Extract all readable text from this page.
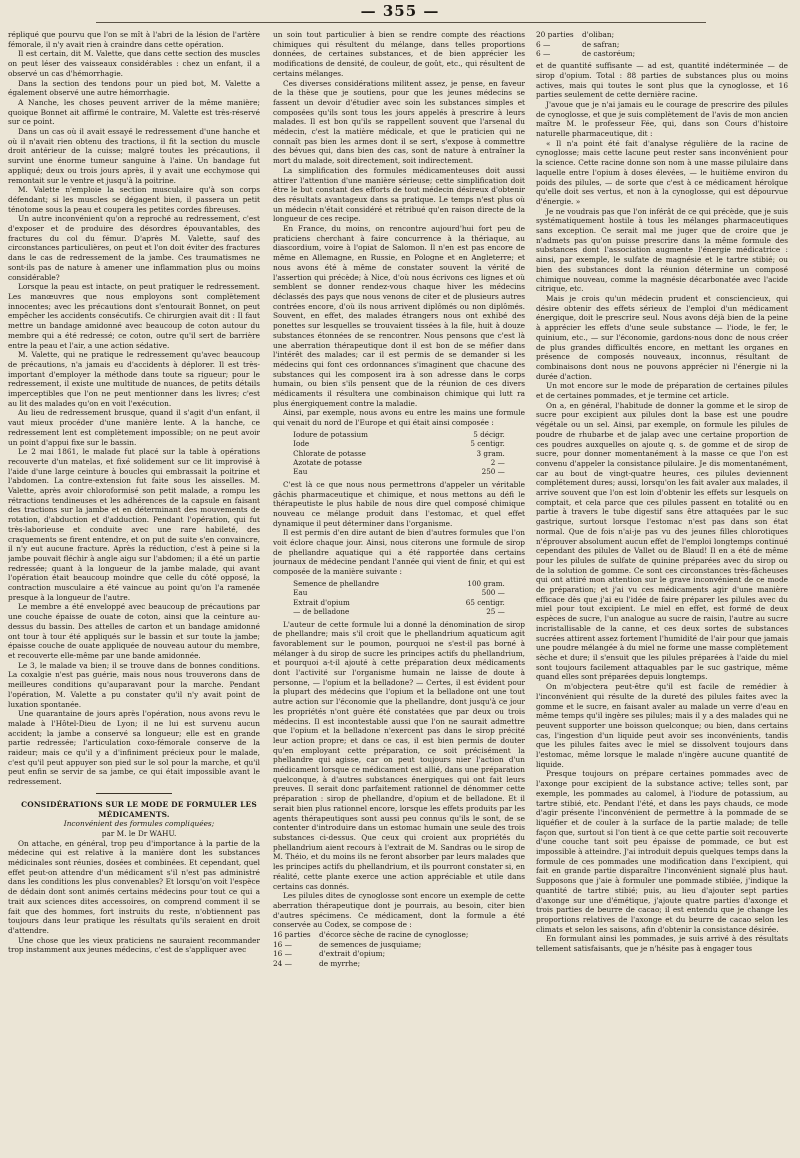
— 355 —

répliqué que pourvu que l'on se mît à l'abri de la lésion de l'artère fémorale, il n'y avait rien à craindre dans cette opération.

Il est certain, dit M. Valette, que dans cette section des muscles on peut léser des vaisseaux considérables : chez un enfant, il a observé un cas d'hémorrhagie.

Dans la section des tendons pour un pied bot, M. Valette a également observé une autre hémorrhagie.

A Nanche, les choses peuvent arriver de la même manière; quoique Bonnet ait affirmé le contraire, M. Valette est très-réservé sur ce point.

Dans un cas où il avait essayé le redressement d'une hanche et où il n'avait rien obtenu des tractions, il fit la section du muscle droit antérieur de la cuisse; malgré toutes les précautions, il survint une énorme tumeur sanguine à l'aine. Un bandage fut appliqué; deux ou trois jours après, il y avait une ecchymose qui remontait sur le ventre et jusqu'à la poitrine.

M. Valette n'emploie la section musculaire qu'à son corps défendant; si les muscles se dégagent bien, il passera un petit ténotome sous la peau et coupera les petites cordes fibreuses.

Un autre inconvénient qu'on a reproché au redressement, c'est d'exposer et de produire des désordres épouvantables, des fractures du col du fémur. D'après M. Valette, sauf des circonstances particulières, on peut et l'on doit éviter des fractures dans le cas de redressement de la jambe. Ces traumatismes ne sont-ils pas de nature à amener une inflammation plus ou moins considérable?

Lorsque la peau est intacte, on peut pratiquer le redressement. Les manœuvres que nous employons sont complètement innocentes; avec les précautions dont s'entourait Bonnet, on peut empêcher les accidents consécutifs. Ce chirurgien avait dit : Il faut mettre un bandage amidonné avec beaucoup de coton autour du membre qui a été redressé; ce coton, outre qu'il sert de barrière entre la peau et l'air, a une action sédative.

M. Valette, qui ne pratique le redressement qu'avec beaucoup de précautions, n'a jamais eu d'accidents à déplorer. Il est très-important d'employer la méthode dans toute sa rigueur; pour le redressement, il existe une multitude de nuances, de petits détails imperceptibles que l'on ne peut mentionner dans les livres; c'est au lit des malades qu'on en voit l'exécution.

Au lieu de redressement brusque, quand il s'agit d'un enfant, il vaut mieux procéder d'une manière lente. A la hanche, ce redressement lent est complètement impossible; on ne peut avoir un point d'appui fixe sur le bassin.

Le 2 mai 1861, le malade fut placé sur la table à opérations recouverte d'un matelas, et fixé solidement sur ce lit improvisé à l'aide d'une large ceinture à boucles qui embrassait la poitrine et l'abdomen. La contre-extension fut faite sous les aisselles. M. Valette, après avoir chloroformisé son petit malade, a rompu les rétractions tendineuses et les adhérences de la capsule en faisant des tractions sur la jambe et en déterminant des mouvements de rotation, d'abduction et d'adduction. Pendant l'opération, qui fut très-laborieuse et conduite avec une rare habileté, des craquements se firent entendre, et on put de suite s'en convaincre, il n'y eut aucune fracture. Après la réduction, c'est à peine si la jambe pouvait fléchir à angle aigu sur l'abdomen; il a été un partie redressée; quant à la longueur de la jambe malade, qui avant l'opération était beaucoup moindre que celle du côté opposé, la contraction musculaire a été vaincue au point qu'on l'a ramenée presque à la longueur de l'autre.

Le membre a été enveloppé avec beaucoup de précautions par une couche épaisse de ouate de coton, ainsi que la ceinture au-dessus du bassin. Des attelles de carton et un bandage amidonné ont tour à tour été appliqués sur le bassin et sur toute la jambe; épaisse couche de ouate appliquée de nouveau autour du membre, et recouverte elle-même par une bande amidonnée.

Le 3, le malade va bien; il se trouve dans de bonnes conditions. La coxalgie n'est pas guérie, mais nous nous trouverons dans de meilleures conditions qu'auparavant pour la marche. Pendant l'opération, M. Valette a pu constater qu'il n'y avait point de luxation spontanée.

Une quarantaine de jours après l'opération, nous avons revu le malade à l'Hôtel-Dieu de Lyon; il ne lui est survenu aucun accident; la jambe a conservé sa longueur; elle est en grande partie redressée; l'articulation coxo-fémorale conserve de la raideur; mais ce qu'il y a d'infiniment précieux pour le malade, c'est qu'il peut appuyer son pied sur le sol pour la marche, et qu'il peut enfin se servir de sa jambe, ce qui était impossible avant le redressement.

CONSIDÉRATIONS SUR LE MODE DE FORMULER LES MÉDICAMENTS.

Inconvénient des formules compliquées;

par M. le Dr WAHU.

On attache, en général, trop peu d'importance à la partie de la médecine qui est relative à la manière dont les substances médicinales sont réunies, dosées et combinées. Et cependant, quel effet peut-on attendre d'un médicament s'il n'est pas administré dans les conditions les plus convenables? Et lorsqu'on voit l'espèce de dédain dont sont animés certains médecins pour tout ce qui a trait aux sciences dites accessoires, on comprend comment il se fait que des hommes, fort instruits du reste, n'obtiennent pas toujours dans leur pratique les résultats qu'ils seraient en droit d'attendre.

Une chose que les vieux praticiens ne sauraient recommander trop instamment aux jeunes médecins, c'est de s'appliquer avec

un soin tout particulier à bien se rendre compte des réactions chimiques qui résultent du mélange, dans telles proportions données, de certaines substances, et de bien apprécier les modifications de densité, de couleur, de goût, etc., qui résultent de certains mélanges.

Ces diverses considérations militent assez, je pense, en faveur de la thèse que je soutiens, pour que les jeunes médecins se fassent un devoir d'étudier avec soin les substances simples et composées qu'ils sont tous les jours appelés à prescrire à leurs malades. Il est bon qu'ils se rappellent souvent que l'arsenal du médecin, c'est la matière médicale, et que le praticien qui ne connaît pas bien les armes dont il se sert, s'expose à commettre des bévues qui, dans bien des cas, sont de nature à entraîner la mort du malade, soit directement, soit indirectement.

La simplification des formules médicamenteuses doit aussi attirer l'attention d'une manière sérieuse; cette simplification doit être le but constant des efforts de tout médecin désireux d'obtenir des résultats avantageux dans sa pratique. Le temps n'est plus où un médecin n'était considéré et rétribué qu'en raison directe de la longueur de ces recipe.

En France, du moins, on rencontre aujourd'hui fort peu de praticiens cherchant à faire concurrence à la thériaque, au diascordium, voire à l'opiat de Salomon. Il n'en est pas encore de même en Allemagne, en Russie, en Pologne et en Angleterre; et nous avons été à même de constater souvent la vérité de l'assertion qui précède; à Nice, d'où nous écrivons ces lignes et où semblent se donner rendez-vous chaque hiver les médecins déclassés des pays que nous venons de citer et de plusieurs autres contrées encore, d'où ils nous arrivent diplômés ou non diplômés. Souvent, en effet, des malades étrangers nous ont exhibé des ponettes sur lesquelles se trouvaient tissées à la file, huit à douze substances étonnées de se rencontrer. Nous pensons que c'est là une aberration thérapeutique dont il est bon de se méfier dans l'intérêt des malades; car il est permis de se demander si les médecins qui font ces ordonnances s'imaginent que chacune des substances qui les composent ira à son adresse dans le corps humain, ou bien s'ils pensent que de la réunion de ces divers médicaments il résultera une combinaison chimique qui lutt ra plus énergiquement contre la maladie.

Ainsi, par exemple, nous avons eu entre les mains une formule qui venait du nord de l'Europe et qui était ainsi composée :

Iodure de potassium	5 décigr.
Iode	5 centigr.
Chlorate de potasse	3 gram.
Azotate de potasse	2 —
Eau	250 —

C'est là ce que nous nous permettrons d'appeler un véritable gâchis pharmaceutique et chimique, et nous mettons au défi le thérapeutiste le plus habile de nous dire quel composé chimique nouveau ce mélange produit dans l'estomac, et quel effet dynamique il peut déterminer dans l'organisme.

Il est permis d'en dire autant de bien d'autres formules que l'on voit éclore chaque jour. Ainsi, nous citerons une formule de sirop de phellandre aquatique qui a été rapportée dans certains journaux de médecine pendant l'année qui vient de finir, et qui est composée de la manière suivante :

Semence de phellandre	100 gram.
Eau	500 —
Extrait d'opium	65 centigr.
— de belladone	25 —

L'auteur de cette formule lui a donné la dénomination de sirop de phellandre; mais s'il croit que le phellandrium aquaticum agit favorablement sur le poumon, pourquoi ne s'est-il pas borné à mélanger à du sirop de sucre les principes actifs du phellandrium, et pourquoi a-t-il ajouté à cette préparation deux médicaments dont l'activité sur l'organisme humain ne laisse de doute à personne, — l'opium et la belladone? — Certes, il est évident pour la plupart des médecins que l'opium et la belladone ont une tout autre action sur l'économie que la phellandre, dont jusqu'à ce jour les propriétés n'ont guère été constatées que par deux ou trois médecins. Il est incontestable aussi que l'on ne saurait admettre que l'opium et la belladone n'exercent pas dans le sirop précité leur action propre; et dans ce cas, il est bien permis de douter qu'en employant cette préparation, ce soit précisément la phellandre qui agisse, car on peut toujours nier l'action d'un médicament lorsque ce médicament est allié, dans une préparation quelconque, à d'autres substances énergiques qui ont fait leurs preuves. Il serait donc parfaitement rationnel de dénommer cette préparation : sirop de phellandre, d'opium et de belladone. Et il serait bien plus rationnel encore, lorsque les effets produits par les agents thérapeutiques sont aussi peu connus qu'ils le sont, de se contenter d'introduire dans un estomac humain une seule des trois substances ci-dessus. Que ceux qui croient aux propriétés du phellandrium aient recours à l'extrait de M. Sandras ou le sirop de M. Théio, et du moins ils ne feront absorber par leurs malades que les principes actifs du phellandrium, et ils pourront constater si, en réalité, cette plante exerce une action appréciable et utile dans certains cas donnés.

Les pilules dites de cynoglosse sont encore un exemple de cette aberration thérapeutique dont je pourrais, au besoin, citer bien d'autres spécimens. Ce médicament, dont la formule a été conservée au Codex, se compose de :

16 parties d'écorce sèche de racine de cynoglosse;
16 —	de semences de jusquiame;
16 —	d'extrait d'opium;
24 —	de myrrhe;
20 parties d'oliban;
6 —	de safran;
6 —	de castoréum;

et de quantité suffisante — ad est, quantité indéterminée — de sirop d'opium. Total : 88 parties de substances plus ou moins actives, mais qui toutes le sont plus que la cynoglosse, et 16 parties seulement de cette dernière racine.

J'avoue que je n'ai jamais eu le courage de prescrire des pilules de cynoglosse, et que je suis complètement de l'avis de mon ancien maître M. le professeur Fée, qui, dans son Cours d'histoire naturelle pharmaceutique, dit :

« Il n'a point été fait d'analyse régulière de la racine de cynoglosse; mais cette lacune peut rester sans inconvénient pour la science. Cette racine donne son nom à une masse pilulaire dans laquelle entre l'opium à doses élevées, — le huitième environ du poids des pilules, — de sorte que c'est à ce médicament héroïque qu'elle doit ses vertus, et non à la cynoglosse, qui est dépourvue d'énergie. »

Je ne voudrais pas que l'on inférât de ce qui précède, que je suis systématiquement hostile à tous les mélanges pharmaceutiques sans exception. Ce serait mal me juger que de croire que je n'admets pas qu'on puisse prescrire dans la même formule des substances dont l'association augmente l'énergie médicatrice : ainsi, par exemple, le sulfate de magnésie et le tartre stibié; ou bien des substances dont la réunion détermine un composé chimique nouveau, comme la magnésie décarbonatée avec l'acide citrique, etc.

Mais je crois qu'un médecin prudent et consciencieux, qui désire obtenir des effets sérieux de l'emploi d'un médicament énergique, doit le prescrire seul. Nous avons déjà bien de la peine à apprécier les effets d'une seule substance — l'iode, le fer, le quinium, etc., — sur l'économie, gardons-nous donc de nous créer de plus grandes difficultés encore, en mettant les organes en présence de composés nouveaux, inconnus, résultant de combinaisons dont nous ne pouvons apprécier ni l'énergie ni la durée d'action.

Un mot encore sur le mode de préparation de certaines pilules et de certaines pommades, et je termine cet article.

On a, en général, l'habitude de donner la gomme et le sirop de sucre pour excipient aux pilules dont la base est une poudre végétale ou un sel. Ainsi, par exemple, on formule les pilules de poudre de rhubarbe et de jalap avec une certaine proportion de ces poudres auxquelles on ajoute q. s. de gomme et de sirop de sucre, pour donner momentanément à la masse ce que l'on est convenu d'appeler la consistance pilulaire. Je dis momentanément, car au bout de vingt-quatre heures, ces pilules deviennent complétement dures; aussi, lorsqu'on les fait avaler aux malades, il arrive souvent que l'on est loin d'obtenir les effets sur lesquels on comptait, et cela parce que ces pilules passent en totalité ou en partie à travers le tube digestif sans être attaquées par le suc gastrique, surtout lorsque l'estomac n'est pas dans son état normal. Que de fois n'ai-je pas vu des jeunes filles chlorotiques n'éprouver absolument aucun effet de l'emploi longtemps continué cependant des pilules de Vallet ou de Blaud! Il en a été de même pour les pilules de sulfate de quinine préparées avec du sirop ou de la solution de gomme. Ce sont ces circonstances très-fâcheuses qui ont attiré mon attention sur le grave inconvénient de ce mode de préparation; et j'ai vu ces médicaments agir d'une manière efficace dès que j'ai eu l'idée de faire préparer les pilules avec du miel pour tout excipient. Le miel en effet, est formé de deux espèces de sucre, l'un analogue au sucre de raisin, l'autre au sucre incristallisable de la canne, et ces deux sortes de substances sucrées attirent assez fortement l'humidité de l'air pour que jamais une poudre mélangée à du miel ne forme une masse complètement sèche et dure; il s'ensuit que les pilules préparées à l'aide du miel sont toujours facilement attaquables par le suc gastrique, même quand elles sont préparées depuis longtemps.

On m'objectera peut-être qu'il est facile de remédier à l'inconvénient qui résulte de la dureté des pilules faites avec la gomme et le sucre, en faisant avaler au malade un verre d'eau en même temps qu'il ingère ses pilules; mais il y a des malades qui ne peuvent supporter une boisson quelconque; ou bien, dans certains cas, l'ingestion d'un liquide peut avoir ses inconvénients, tandis que les pilules faites avec le miel se dissolvent toujours dans l'estomac, même lorsque le malade n'ingère aucune quantité de liquide.

Presque toujours on prépare certaines pommades avec de l'axonge pour excipient de la substance active; telles sont, par exemple, les pommades au calomel, à l'iodure de potassium, au tartre stibié, etc. Pendant l'été, et dans les pays chauds, ce mode d'agir présente l'inconvénient de permettre à la pommade de se liquéfier et de couler à la surface de la partie malade; de telle façon que, surtout si l'on tient à ce que cette partie soit recouverte d'une couche tant soit peu épaisse de pommade, ce but est impossible à atteindre. J'ai introduit depuis quelques temps dans la formule de ces pommades une modification dans l'excipient, qui fait en grande partie disparaître l'inconvénient signalé plus haut. Supposons que j'aie à formuler une pommade stibiée, j'indique la quantité de tartre stibié; puis, au lieu d'ajouter sept parties d'axonge sur une d'émétique, j'ajoute quatre parties d'axonge et trois parties de beurre de cacao; il est entendu que je change les proportions relatives de l'axonge et du beurre de cacao selon les climats et selon les saisons, afin d'obtenir la consistance désirée.

En formulant ainsi les pommades, je suis arrivé à des résultats tellement satisfaisants, que je n'hésite pas à engager tous
